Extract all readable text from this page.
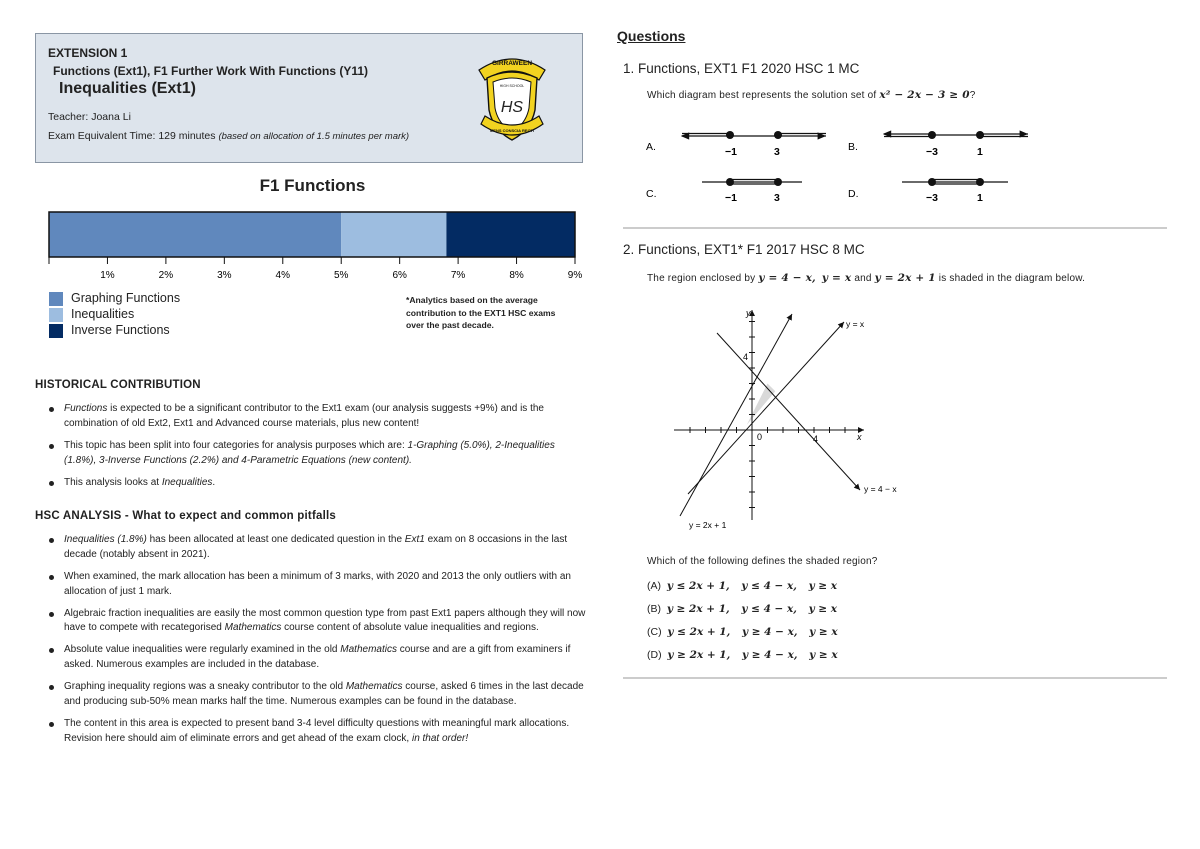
EXTENSION 1
Functions (Ext1), F1 Further Work With Functions (Y11)
Inequalities (Ext1)
Teacher: Joana Li
Exam Equivalent Time: 129 minutes (based on allocation of 1.5 minutes per mark)
GIRRAWEEN
HIGH SCHOOL
HS
MENS CONSCIA RECTI
F1 Functions
1%	2%	3%	4%	5%	6%	7%	8%	9%
Graphing Functions
Inequalities
Inverse Functions
*Analytics based on the average contribution to the EXT1 HSC exams over the past decade.
HISTORICAL CONTRIBUTION
Functions is expected to be a significant contributor to the Ext1 exam (our analysis suggests +9%) and is the combination of old Ext2, Ext1 and Advanced course materials, plus new content!
This topic has been split into four categories for analysis purposes which are: 1-Graphing (5.0%), 2-Inequalities (1.8%), 3-Inverse Functions (2.2%) and 4-Parametric Equations (new content).
This analysis looks at Inequalities.
HSC ANALYSIS - What to expect and common pitfalls
Inequalities (1.8%) has been allocated at least one dedicated question in the Ext1 exam on 8 occasions in the last decade (notably absent in 2021).
When examined, the mark allocation has been a minimum of 3 marks, with 2020 and 2013 the only outliers with an allocation of just 1 mark.
Algebraic fraction inequalities are easily the most common question type from past Ext1 papers although they will now have to compete with recategorised Mathematics course content of absolute value inequalities and regions.
Absolute value inequalities were regularly examined in the old Mathematics course and are a gift from examiners if asked. Numerous examples are included in the database.
Graphing inequality regions was a sneaky contributor to the old Mathematics course, asked 6 times in the last decade and producing sub-50% mean marks half the time. Numerous examples can be found in the database.
The content in this area is expected to present band 3-4 level difficulty questions with meaningful mark allocations. Revision here should aim of eliminate errors and get ahead of the exam clock, in that order!
Questions
1. Functions, EXT1 F1 2020 HSC 1 MC
Which diagram best represents the solution set of x² − 2x − 3 ≥ 0?
A.	−1	3	B.	−3	1
C.	−1	3	D.	−3	1
2. Functions, EXT1* F1 2017 HSC 8 MC
The region enclosed by y = 4 − x, y = x and y = 2x + 1 is shaded in the diagram below.
y
x
0
4
4
y = x
y = 4 − x
y = 2x + 1
Which of the following defines the shaded region?
(A) y ≤ 2x + 1, y ≤ 4 − x, y ≥ x
(B) y ≥ 2x + 1, y ≤ 4 − x, y ≥ x
(C) y ≤ 2x + 1, y ≥ 4 − x, y ≥ x
(D) y ≥ 2x + 1, y ≥ 4 − x, y ≥ x
